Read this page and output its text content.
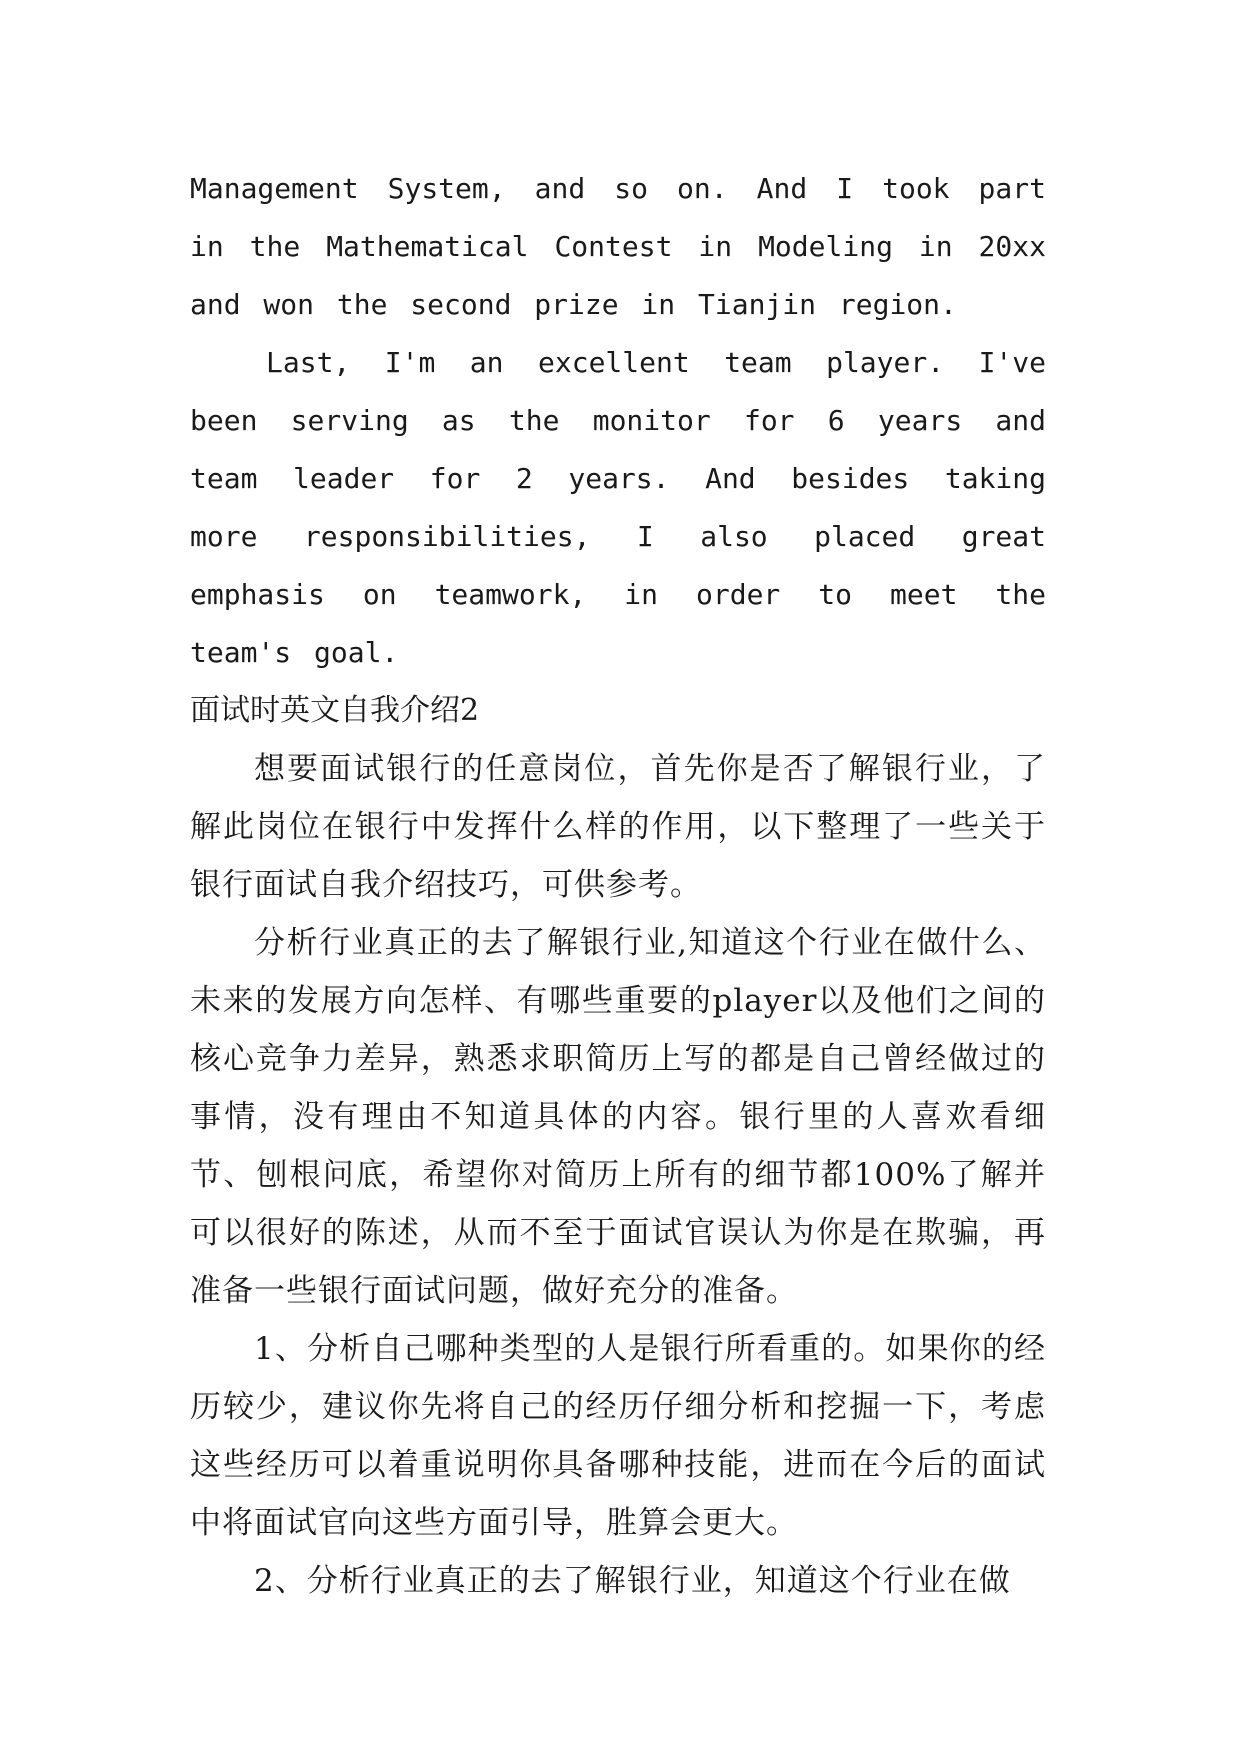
Management System, and so on. And I took part in the Mathematical Contest in Modeling in 20xx and won the second prize in Tianjin region.

Last, I'm an excellent team player. I've been serving as the monitor for 6 years and team leader for 2 years. And besides taking more responsibilities, I also placed great emphasis on teamwork, in order to meet the team's goal.

面试时英文自我介绍2

想要面试银行的任意岗位，首先你是否了解银行业，了解此岗位在银行中发挥什么样的作用，以下整理了一些关于银行面试自我介绍技巧，可供参考。

分析行业真正的去了解银行业,知道这个行业在做什么、未来的发展方向怎样、有哪些重要的player以及他们之间的核心竞争力差异，熟悉求职简历上写的都是自己曾经做过的事情，没有理由不知道具体的内容。银行里的人喜欢看细节、刨根问底，希望你对简历上所有的细节都100%了解并可以很好的陈述，从而不至于面试官误认为你是在欺骗，再准备一些银行面试问题，做好充分的准备。

1、分析自己哪种类型的人是银行所看重的。如果你的经历较少，建议你先将自己的经历仔细分析和挖掘一下，考虑这些经历可以着重说明你具备哪种技能，进而在今后的面试中将面试官向这些方面引导，胜算会更大。

2、分析行业真正的去了解银行业，知道这个行业在做
